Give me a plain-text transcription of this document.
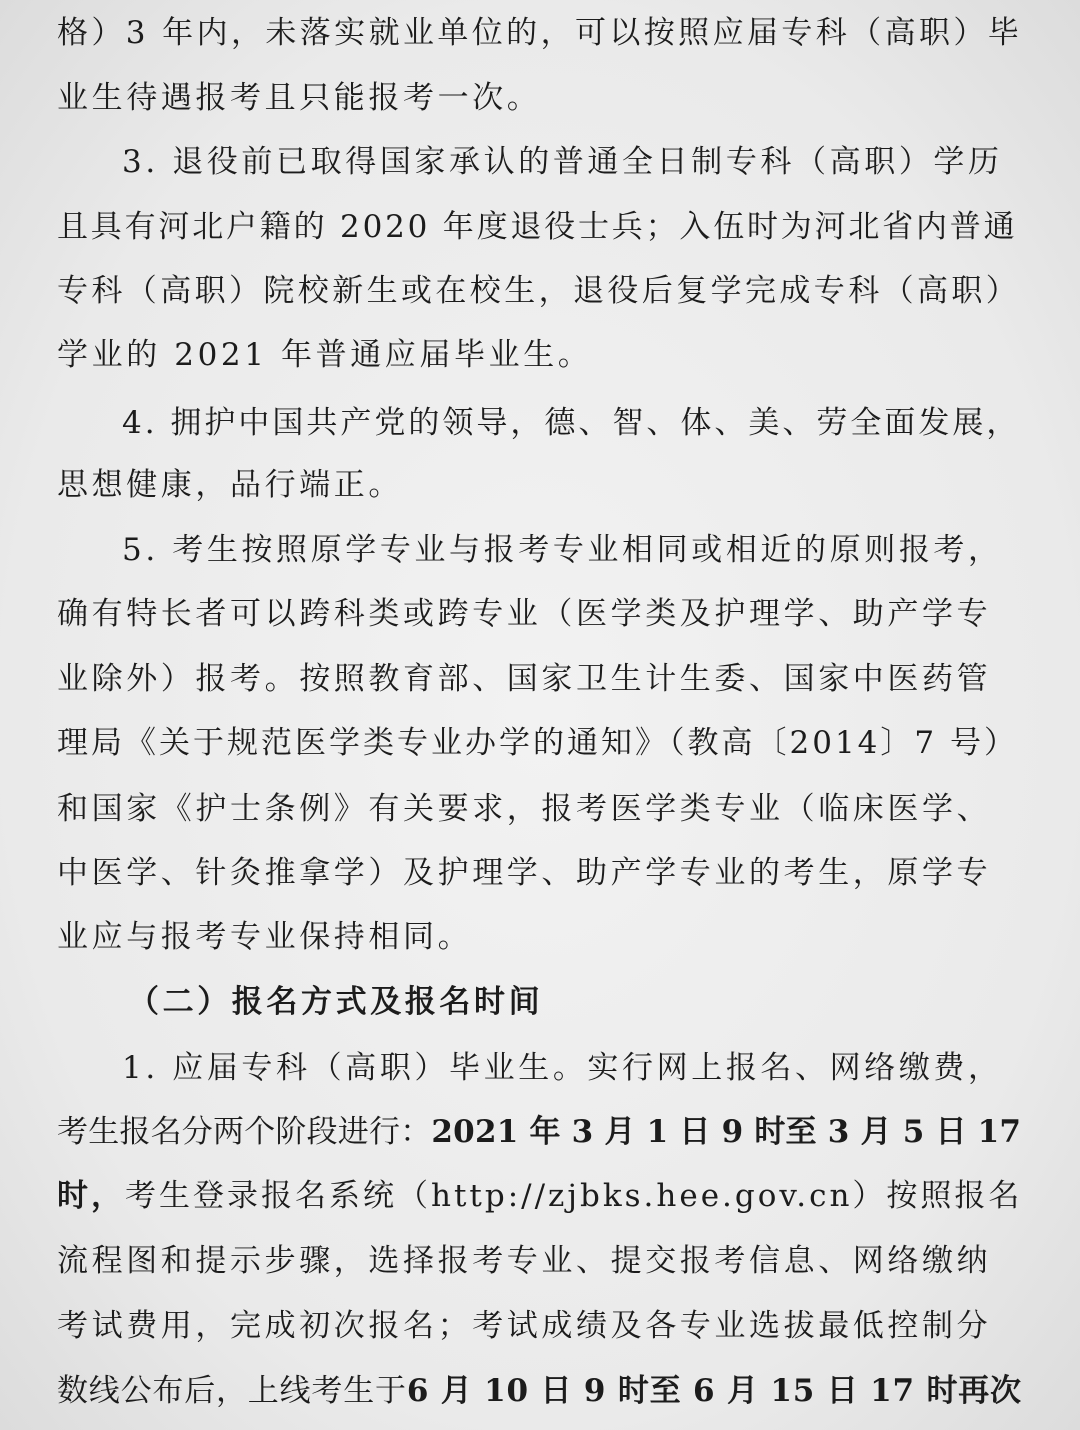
格）3 年内，未落实就业单位的，可以按照应届专科（高职）毕
业生待遇报考且只能报考一次。
3. 退役前已取得国家承认的普通全日制专科（高职）学历
且具有河北户籍的 2020 年度退役士兵；入伍时为河北省内普通
专科（高职）院校新生或在校生，退役后复学完成专科（高职）
学业的 2021 年普通应届毕业生。
4. 拥护中国共产党的领导，德、智、体、美、劳全面发展，
思想健康，品行端正。
5. 考生按照原学专业与报考专业相同或相近的原则报考，
确有特长者可以跨科类或跨专业（医学类及护理学、助产学专
业除外）报考。按照教育部、国家卫生计生委、国家中医药管
理局《关于规范医学类专业办学的通知》（教高〔2014〕7 号）
和国家《护士条例》有关要求，报考医学类专业（临床医学、
中医学、针灸推拿学）及护理学、助产学专业的考生，原学专
业应与报考专业保持相同。
（二）报名方式及报名时间
1. 应届专科（高职）毕业生。实行网上报名、网络缴费，
考生报名分两个阶段进行：2021 年 3 月 1 日 9 时至 3 月 5 日 17
时，考生登录报名系统（http://zjbks.hee.gov.cn）按照报名
流程图和提示步骤，选择报考专业、提交报考信息、网络缴纳
考试费用，完成初次报名；考试成绩及各专业选拔最低控制分
数线公布后，上线考生于6 月 10 日 9 时至 6 月 15 日 17 时再次
